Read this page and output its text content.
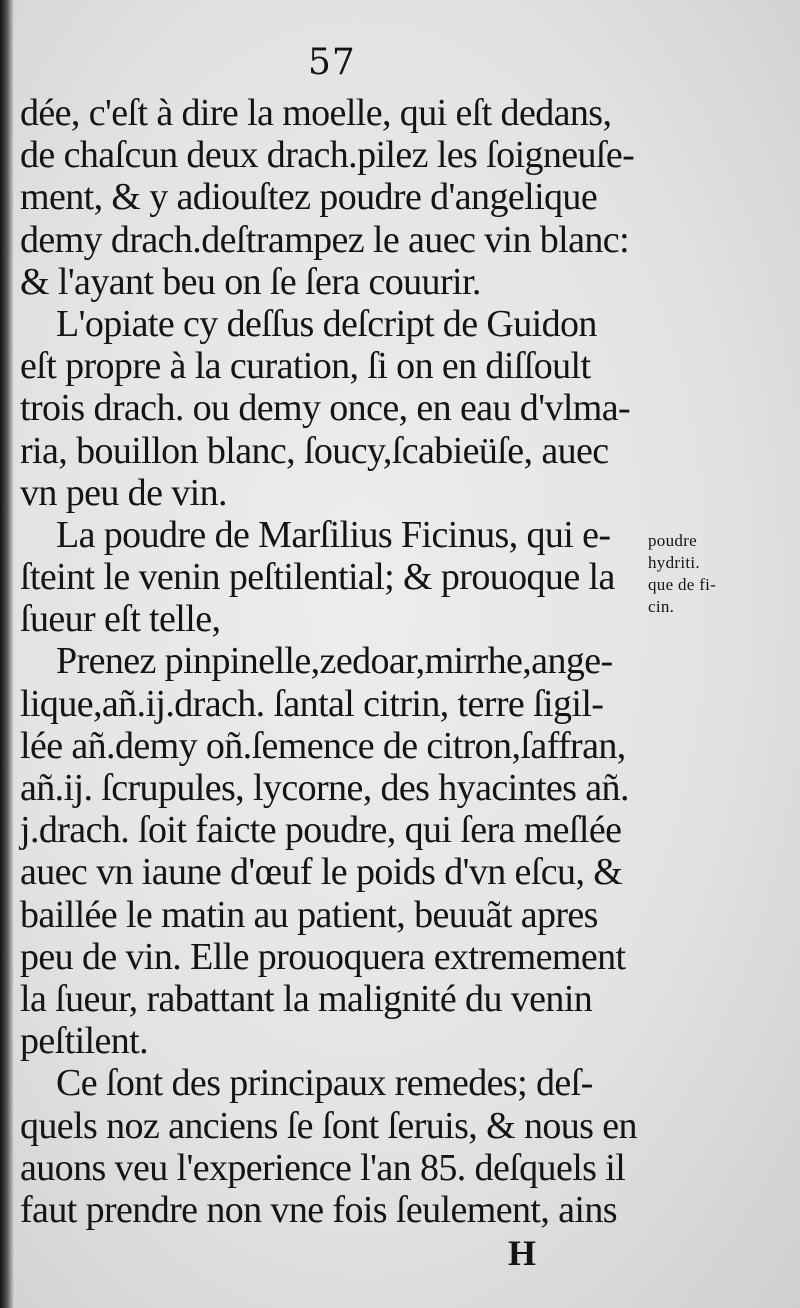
57
dée, c'eſt à dire la moelle, qui eſt dedans,
de chaſcun deux drach.pilez les ſoigneuſe-
ment, & y adiouſtez poudre d'angelique
demy drach.deſtrampez le auec vin blanc:
& l'ayant beu on ſe ſera couurir.
L'opiate cy deſſus deſcript de Guidon
eſt propre à la curation, ſi on en diſſoult
trois drach. ou demy once, en eau d'vlma-
ria, bouillon blanc, ſoucy,ſcabieüſe, auec
vn peu de vin.
La poudre de Marſilius Ficinus, qui e-
ſteint le venin peſtilential; & prouoque la
ſueur eſt telle,
Prenez pinpinelle,zedoar,mirrhe,ange-
lique,añ.ij.drach. ſantal citrin, terre ſigil-
lée añ.demy oñ.ſemence de citron,ſaffran,
añ.ij. ſcrupules, lycorne, des hyacintes añ.
j.drach. ſoit faicte poudre, qui ſera meſlée
auec vn iaune d'œuf le poids d'vn eſcu, &
baillée le matin au patient, beuuãt apres
peu de vin. Elle prouoquera extremement
la ſueur, rabattant la malignité du venin
peſtilent.
Ce ſont des principaux remedes; deſ-
quels noz anciens ſe ſont ſeruis, & nous en
auons veu l'experience l'an 85. deſquels il
faut prendre non vne fois ſeulement, ains
poudre
hydriti.
que de fi-
cin.
H
